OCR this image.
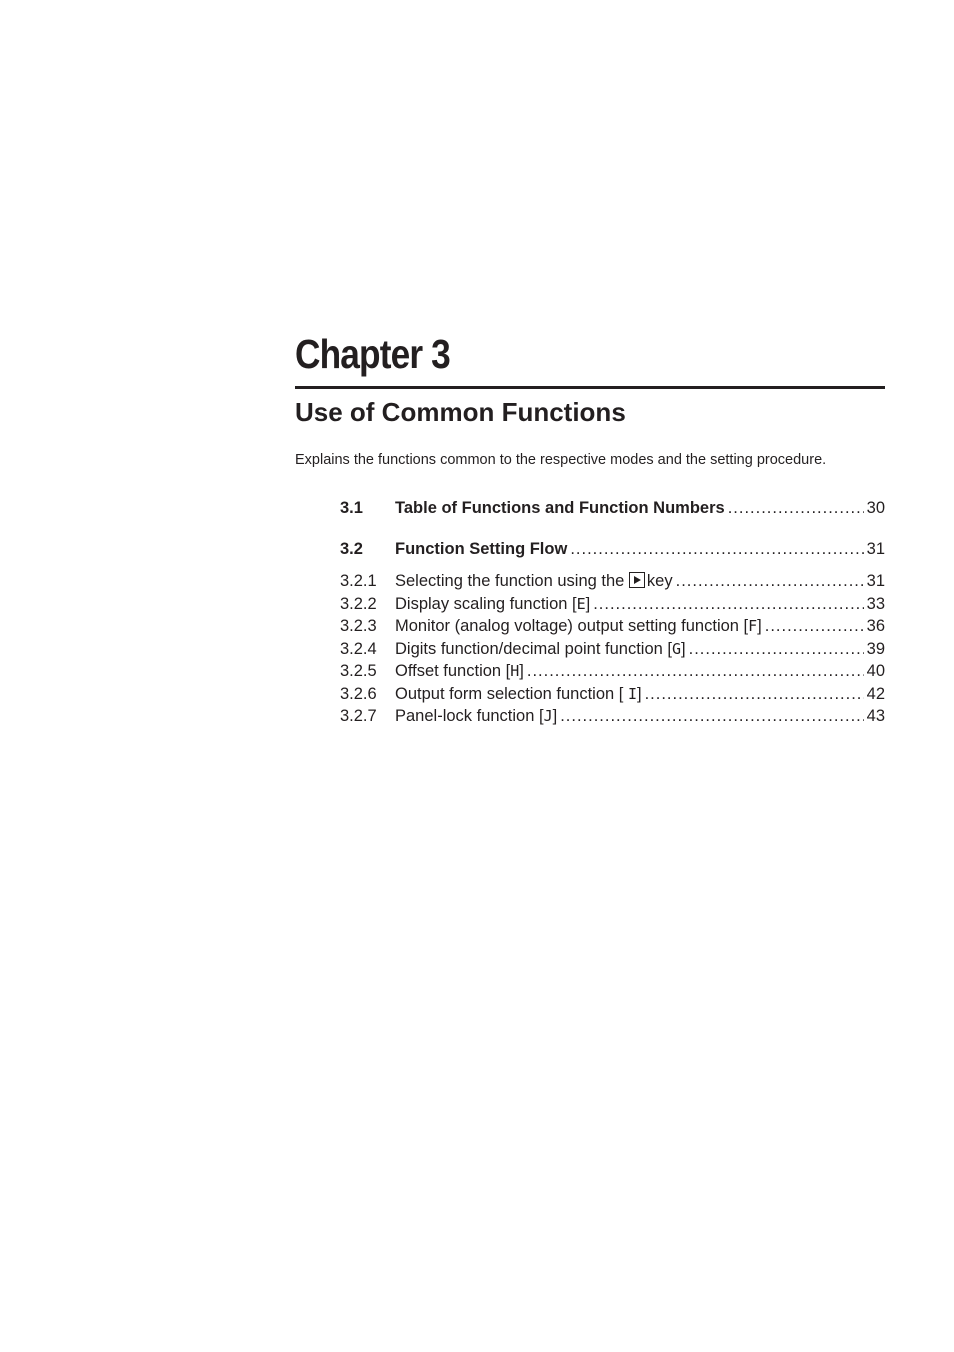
Chapter 3
Use of Common Functions

Explains the functions common to the respective modes and the setting procedure.

3.1	Table of Functions and Function Numbers .....	30
3.2	Function Setting Flow .....	31
3.2.1	Selecting the function using the key .....	31
3.2.2	Display scaling function [E] .....	33
3.2.3	Monitor (analog voltage) output setting function [F] .....	36
3.2.4	Digits function/decimal point function [G] .....	39
3.2.5	Offset function [H] .....	40
3.2.6	Output form selection function [ I] .....	42
3.2.7	Panel-lock function [J] .....	43
